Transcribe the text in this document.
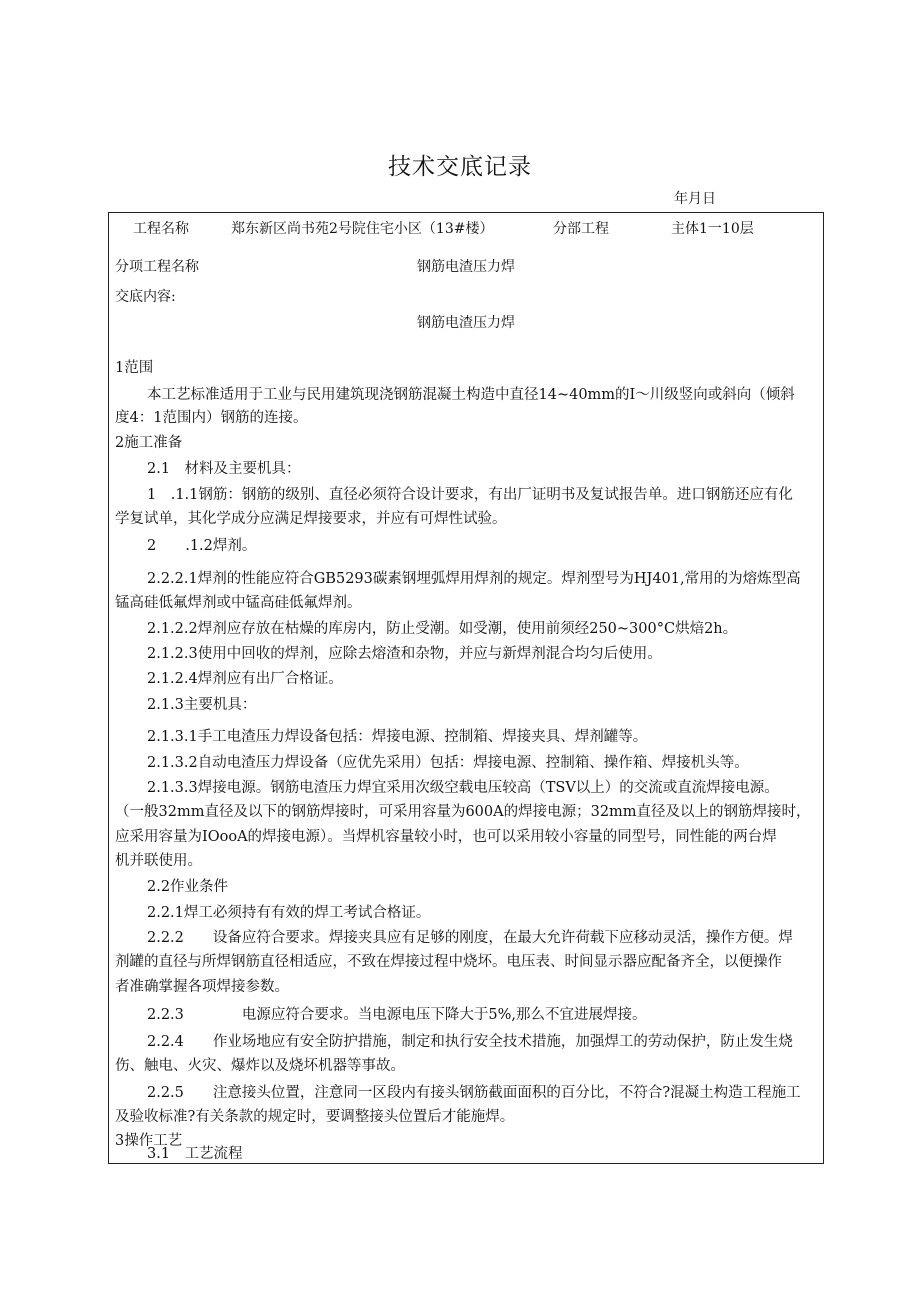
技术交底记录
年月日
工程名称	郑东新区尚书苑2号院住宅小区（13#楼）	分部工程	主体1一10层
分项工程名称	钢筋电渣压力焊
交底内容:
钢筋电渣压力焊
1范围
本工艺标准适用于工业与民用建筑现浇钢筋混凝土构造中直径14~40mm的I～川级竖向或斜向（倾斜
度4：1范围内）钢筋的连接。
2施工准备
2.1　材料及主要机具：
1　.1.1钢筋：钢筋的级别、直径必须符合设计要求，有出厂证明书及复试报告单。进口钢筋还应有化
学复试单，其化学成分应满足焊接要求，并应有可焊性试验。
2　　.1.2焊剂。
2.2.2.1焊剂的性能应符合GB5293碳素钢埋弧焊用焊剂的规定。焊剂型号为HJ401,常用的为熔炼型高
锰高硅低氟焊剂或中锰高硅低氟焊剂。
2.1.2.2焊剂应存放在枯燥的库房内，防止受潮。如受潮，使用前须经250~300°C烘焙2h。
2.1.2.3使用中回收的焊剂，应除去熔渣和杂物，并应与新焊剂混合均匀后使用。
2.1.2.4焊剂应有出厂合格证。
2.1.3主要机具：
2.1.3.1手工电渣压力焊设备包括：焊接电源、控制箱、焊接夹具、焊剂罐等。
2.1.3.2自动电渣压力焊设备（应优先采用）包括：焊接电源、控制箱、操作箱、焊接机头等。
2.1.3.3焊接电源。钢筋电渣压力焊宜采用次级空载电压较高（TSV以上）的交流或直流焊接电源。
（一般32mm直径及以下的钢筋焊接时，可采用容量为600A的焊接电源；32mm直径及以上的钢筋焊接时，
应采用容量为IOooA的焊接电源）。当焊机容量较小时，也可以采用较小容量的同型号，同性能的两台焊
机并联使用。
2.2作业条件
2.2.1焊工必须持有有效的焊工考试合格证。
2.2.2　　设备应符合要求。焊接夹具应有足够的刚度，在最大允许荷载下应移动灵活，操作方便。焊
剂罐的直径与所焊钢筋直径相适应，不致在焊接过程中烧坏。电压表、时间显示器应配备齐全，以便操作
者准确掌握各项焊接参数。
2.2.3　　　　电源应符合要求。当电源电压下降大于5%,那么不宜进展焊接。
2.2.4　　作业场地应有安全防护措施，制定和执行安全技术措施，加强焊工的劳动保护，防止发生烧
伤、触电、火灾、爆炸以及烧坏机器等事故。
2.2.5　　注意接头位置，注意同一区段内有接头钢筋截面面积的百分比，不符合?混凝土构造工程施工
及验收标准?有关条款的规定时，要调整接头位置后才能施焊。
3操作工艺
3.1　工艺流程
